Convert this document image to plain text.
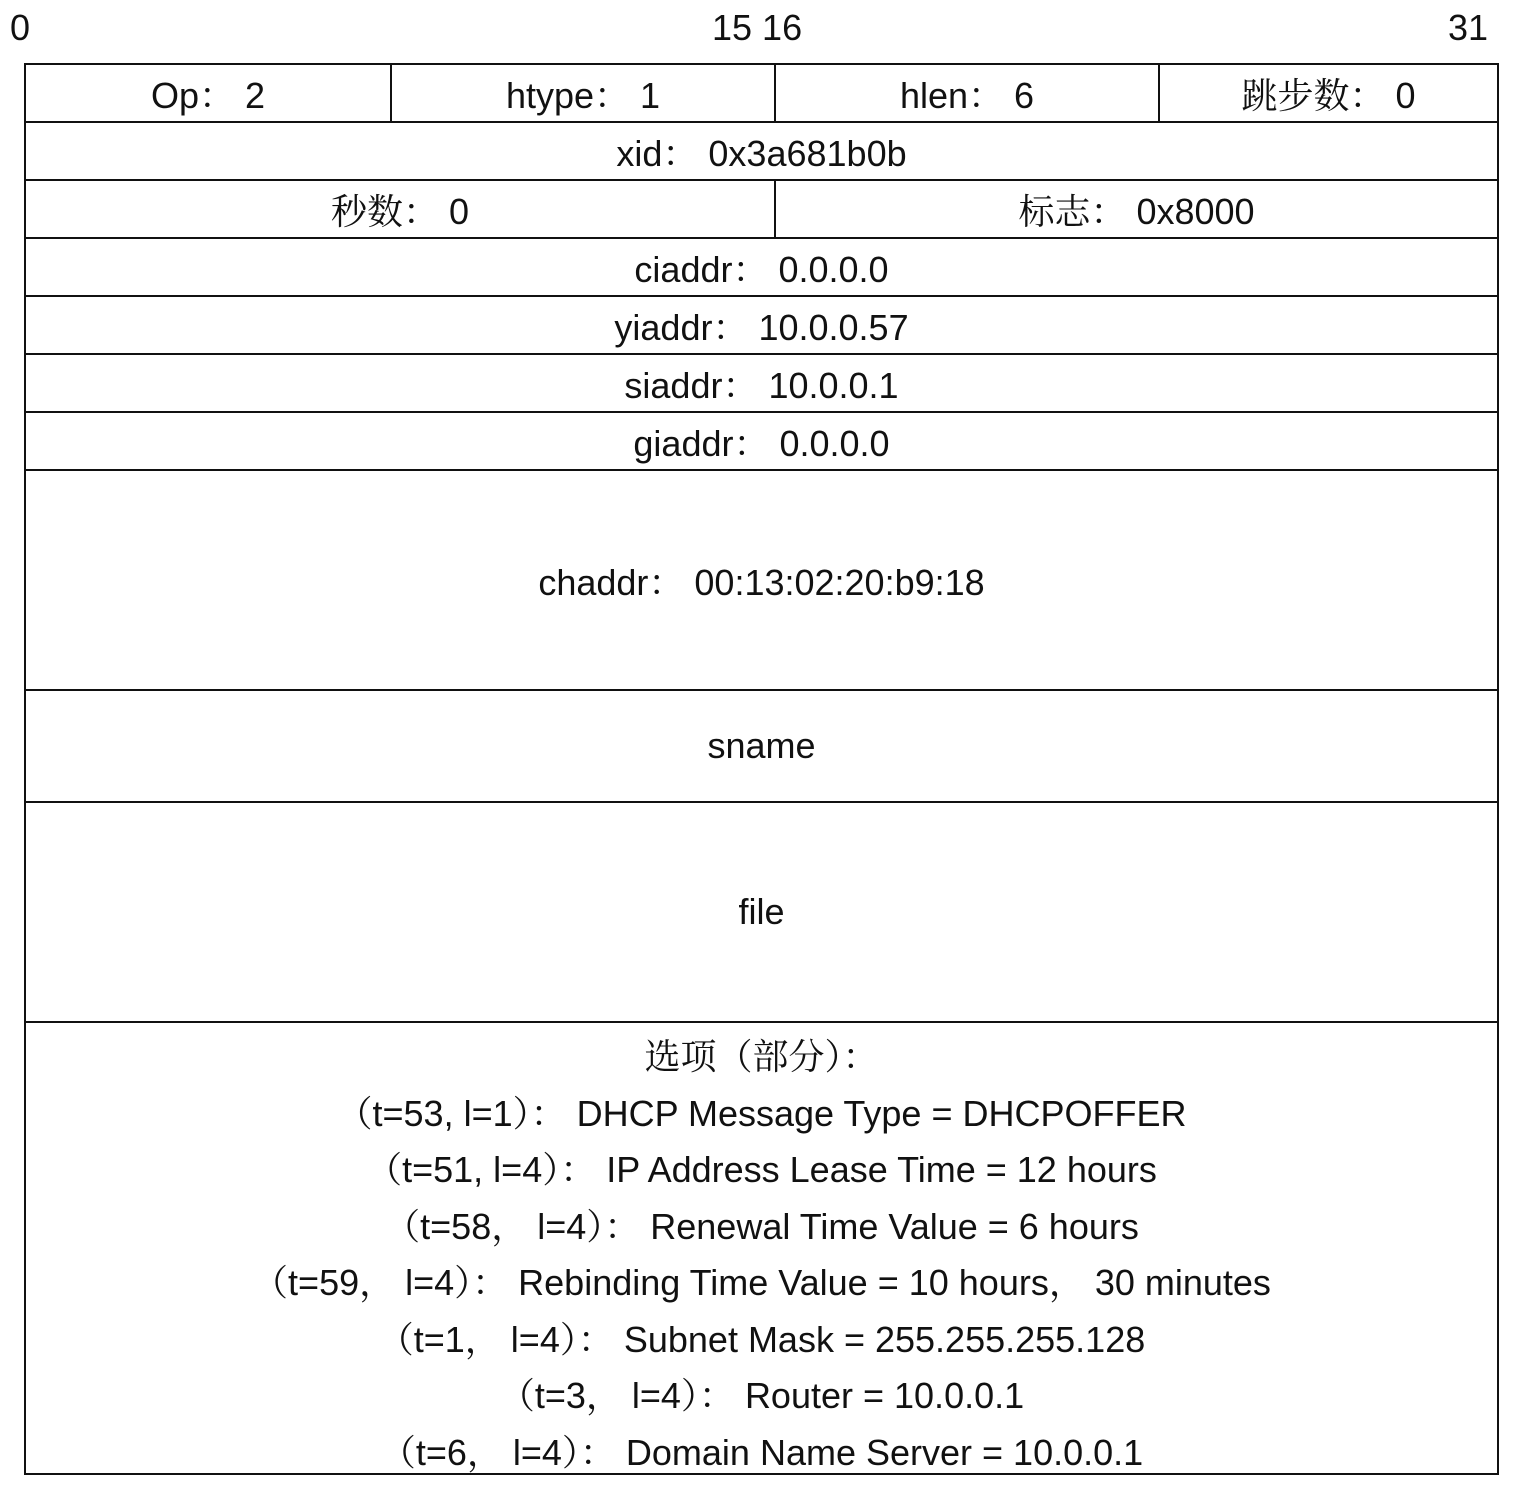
0	15 16	31
Op： 2	htype： 1	hlen： 6	跳步数： 0
xid： 0x3a681b0b
秒数： 0	标志： 0x8000
ciaddr： 0.0.0.0
yiaddr： 10.0.0.57
siaddr： 10.0.0.1
giaddr： 0.0.0.0
chaddr： 00:13:02:20:b9:18
sname
file
选项（部分）：
（t=53, l=1）： DHCP Message Type = DHCPOFFER
（t=51, l=4）： IP Address Lease Time = 12 hours
（t=58， l=4）： Renewal Time Value = 6 hours
（t=59， l=4）： Rebinding Time Value = 10 hours， 30 minutes
（t=1， l=4）： Subnet Mask = 255.255.255.128
（t=3， l=4）： Router = 10.0.0.1
（t=6， l=4）： Domain Name Server = 10.0.0.1
